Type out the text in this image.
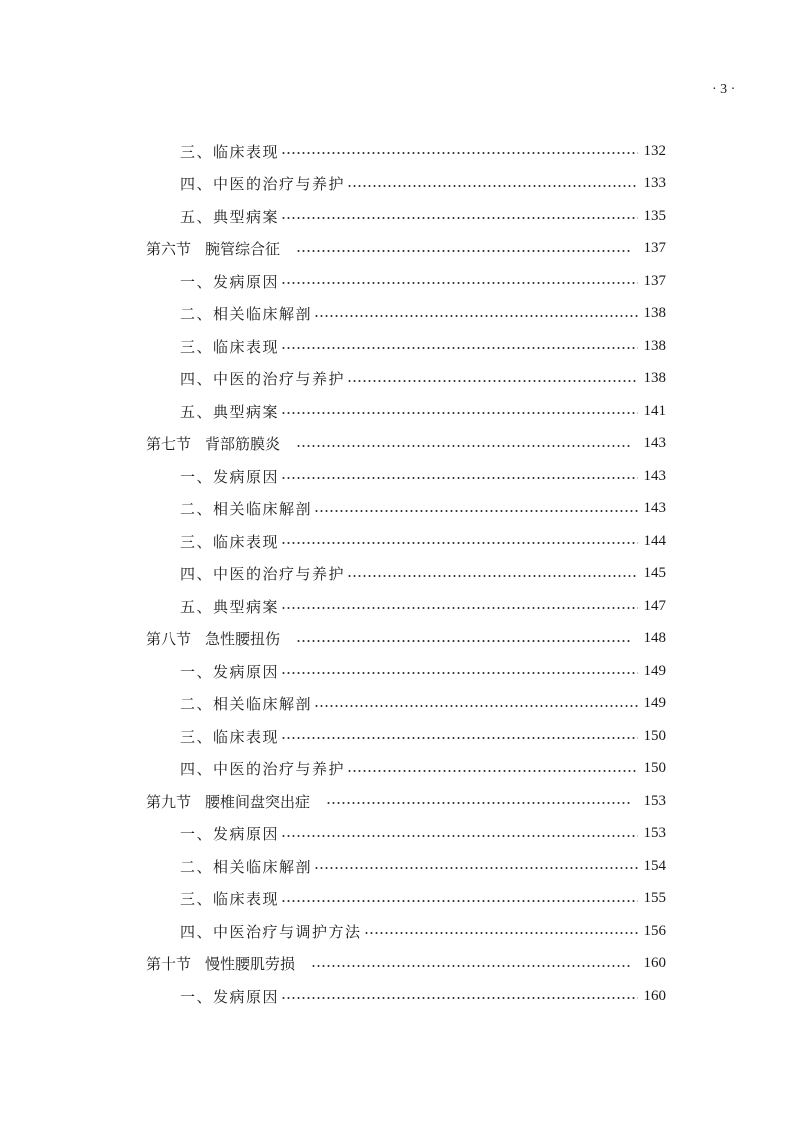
· 3 ·
三、临床表现	132
四、中医的治疗与养护	133
五、典型病案	135
第六节 腕管综合征	137
一、发病原因	137
二、相关临床解剖	138
三、临床表现	138
四、中医的治疗与养护	138
五、典型病案	141
第七节 背部筋膜炎	143
一、发病原因	143
二、相关临床解剖	143
三、临床表现	144
四、中医的治疗与养护	145
五、典型病案	147
第八节 急性腰扭伤	148
一、发病原因	149
二、相关临床解剖	149
三、临床表现	150
四、中医的治疗与养护	150
第九节 腰椎间盘突出症	153
一、发病原因	153
二、相关临床解剖	154
三、临床表现	155
四、中医治疗与调护方法	156
第十节 慢性腰肌劳损	160
一、发病原因	160
